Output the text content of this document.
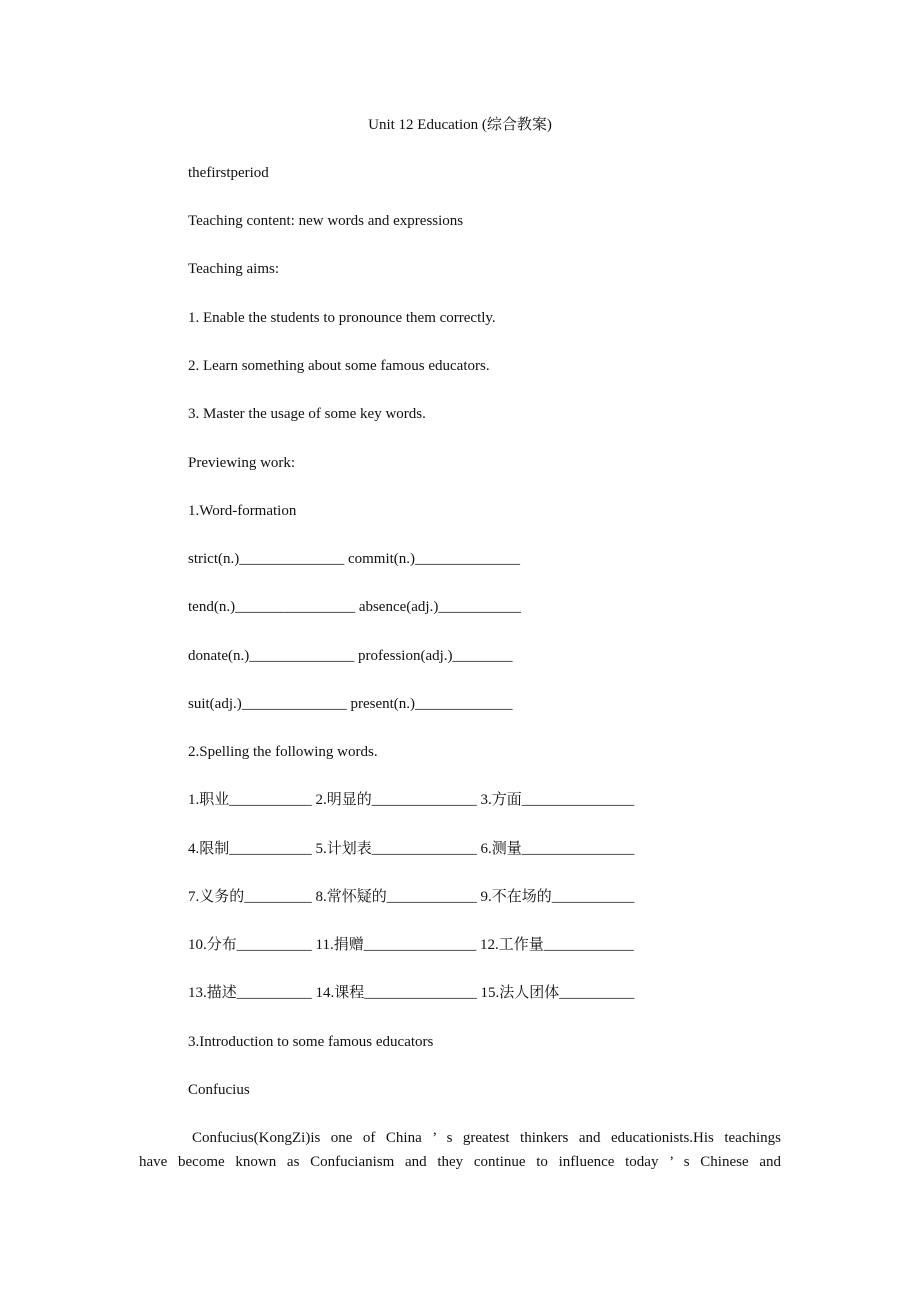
Unit 12 Education (综合教案)
thefirstperiod
Teaching content: new words and expressions
Teaching aims:
1. Enable the students to pronounce them correctly.
2. Learn something about some famous educators.
3. Master the usage of some key words.
Previewing work:
1.Word-formation
strict(n.)______________ commit(n.)______________
tend(n.)________________ absence(adj.)___________
donate(n.)______________ profession(adj.)________
suit(adj.)______________ present(n.)_____________
2.Spelling the following words.
1.职业___________ 2.明显的______________ 3.方面_______________
4.限制___________ 5.计划表______________ 6.测量_______________
7.义务的_________ 8.常怀疑的____________ 9.不在场的___________
10.分布__________ 11.捐赠_______________ 12.工作量____________
13.描述__________ 14.课程_______________ 15.法人团体__________
3.Introduction to some famous educators
Confucius

Confucius(KongZi)is one of China ’ s greatest thinkers and educationists.His teachings

have become known as Confucianism and they continue to influence today ’ s Chinese and
